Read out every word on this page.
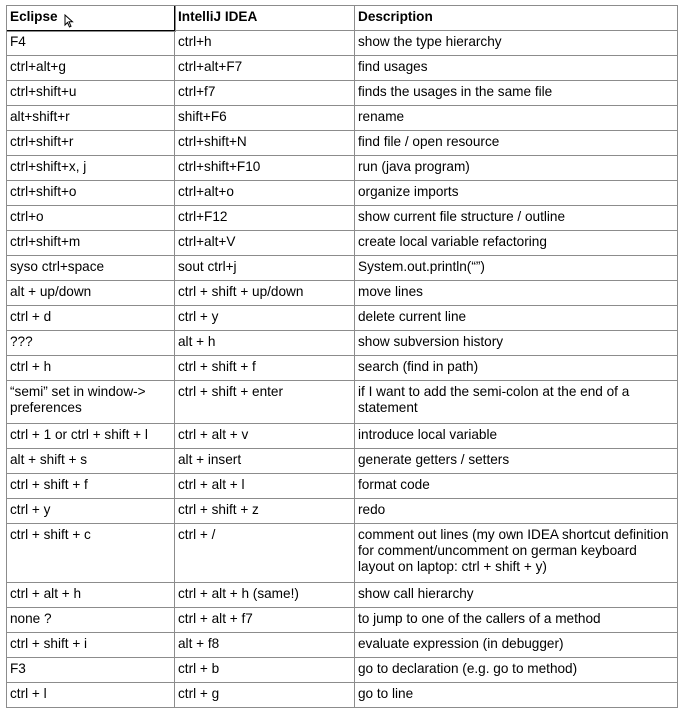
Eclipse	IntelliJ IDEA	Description
F4	ctrl+h	show the type hierarchy
ctrl+alt+g	ctrl+alt+F7	find usages
ctrl+shift+u	ctrl+f7	finds the usages in the same file
alt+shift+r	shift+F6	rename
ctrl+shift+r	ctrl+shift+N	find file / open resource
ctrl+shift+x, j	ctrl+shift+F10	run (java program)
ctrl+shift+o	ctrl+alt+o	organize imports
ctrl+o	ctrl+F12	show current file structure / outline
ctrl+shift+m	ctrl+alt+V	create local variable refactoring
syso ctrl+space	sout ctrl+j	System.out.println(“”)
alt + up/down	ctrl + shift + up/down	move lines
ctrl + d	ctrl + y	delete current line
???	alt + h	show subversion history
ctrl + h	ctrl + shift + f	search (find in path)
“semi” set in window-> preferences	ctrl + shift + enter	if I want to add the semi-colon at the end of a statement
ctrl + 1 or ctrl + shift + l	ctrl + alt + v	introduce local variable
alt + shift + s	alt + insert	generate getters / setters
ctrl + shift + f	ctrl + alt + l	format code
ctrl + y	ctrl + shift + z	redo
ctrl + shift + c	ctrl + /	comment out lines (my own IDEA shortcut definition for comment/uncomment on german keyboard layout on laptop: ctrl + shift + y)
ctrl + alt + h	ctrl + alt + h (same!)	show call hierarchy
none ?	ctrl + alt + f7	to jump to one of the callers of a method
ctrl + shift + i	alt + f8	evaluate expression (in debugger)
F3	ctrl + b	go to declaration (e.g. go to method)
ctrl + l	ctrl + g	go to line
